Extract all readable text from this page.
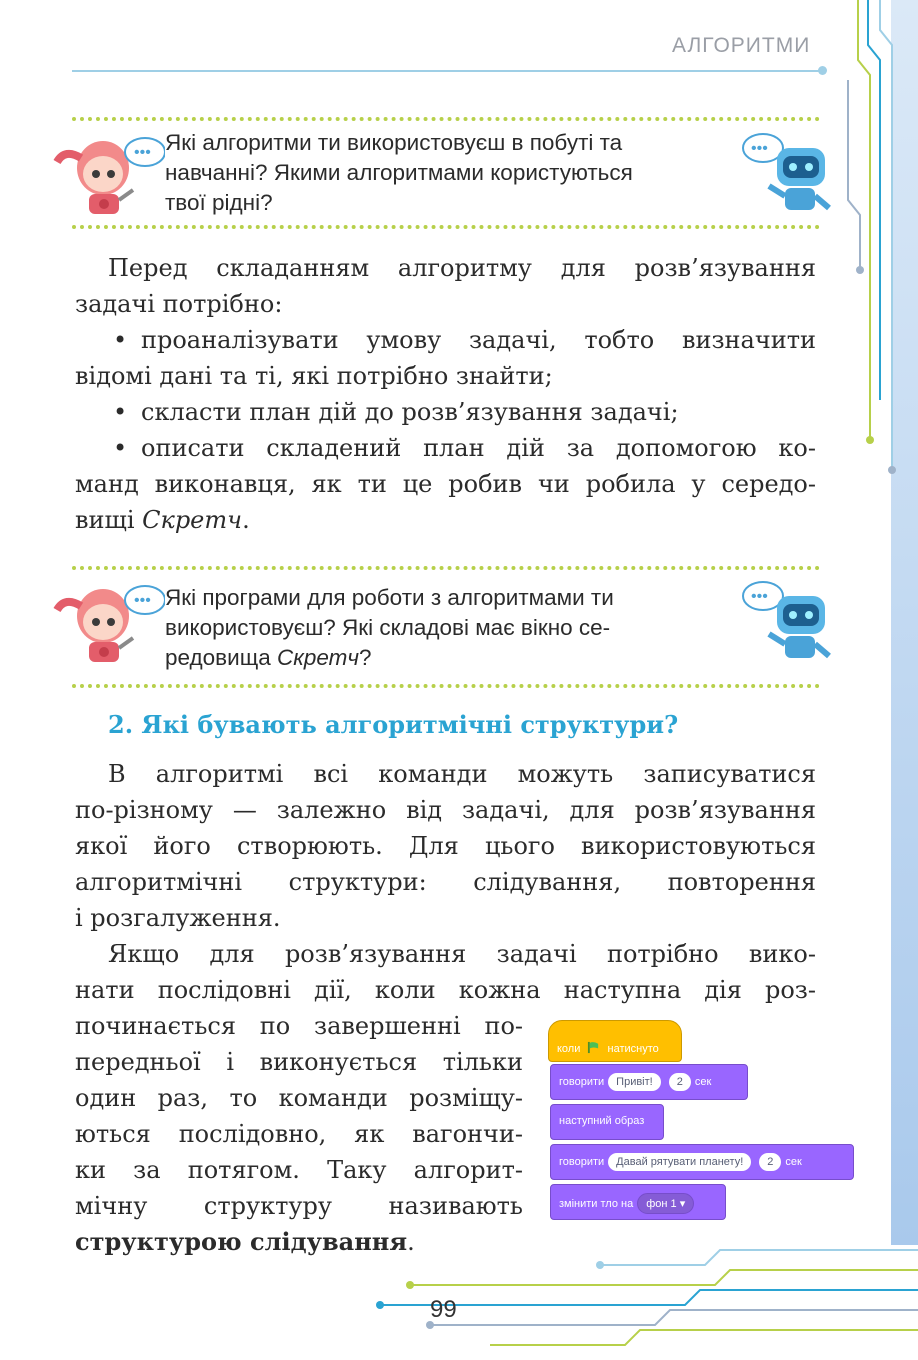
АЛГОРИТМИ
••• Які алгоритми ти використовуєш в побуті та

навчанні? Якими алгоритмами користуються

твої рідні?

•••

Перед складанням алгоритму для розв’язування

задачі потрібно:

• проаналізувати умову задачі, тобто визначити

відомі дані та ті, які потрібно знайти;

• скласти план дій до розв’язування задачі;

• описати складений план дій за допомогою ко-

манд виконавця, як ти це робив чи робила у середо-

вищі Скретч.

••• Які програми для роботи з алгоритмами ти

використовуєш? Які складові має вікно се-

редовища Скретч?

•••
2. Які бувають алгоритмічні структури?

В алгоритмі всі команди можуть записуватися

по-різному — залежно від задачі, для розв’язування

якої його створюють. Для цього використовуються

алгоритмічні структури: слідування, повторення

і розгалуження.

Якщо для розв’язування задачі потрібно вико-

нати послідовні дії, коли кожна наступна дія роз-

починається по завершенні по-

передньої і виконується тільки

один раз, то команди розміщу-

ються послідовно, як вагончи-

ки за потягом. Таку алгорит-

мічну структуру називають

структурою слідування.

коли натиснуто
говорити Привіт! 2 сек
наступний образ
говорити Давай рятувати планету! 2 сек
змінити тло на фон 1 ▾
99
